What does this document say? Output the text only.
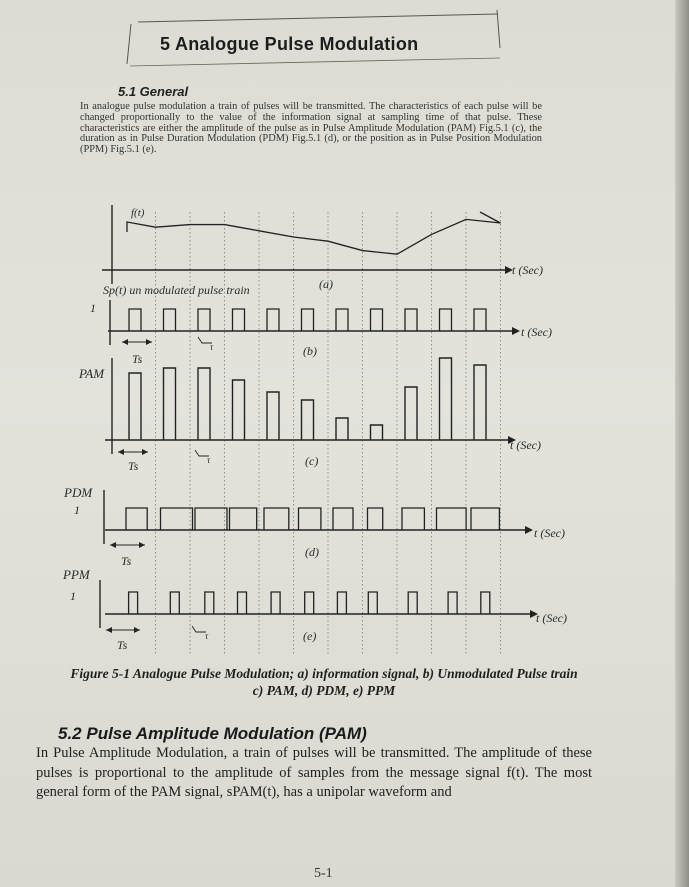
5 Analogue Pulse Modulation
5.1 General
In analogue pulse modulation a train of pulses will be transmitted. The characteristics of each pulse will be changed proportionally to the value of the information signal at sampling time of that pulse. These characteristics are either the amplitude of the pulse as in Pulse Amplitude Modulation (PAM) Fig.5.1 (c), the duration as in Pulse Duration Modulation (PDM) Fig.5.1 (d), or the position as in Pulse Position Modulation (PPM) Fig.5.1 (e).
f(t)
Sp(t) un modulated pulse train
1
PAM
PDM
1
PPM
1
t (Sec)
t (Sec)
t (Sec)
t (Sec)
t (Sec)
(a)
(b)
(c)
(d)
(e)
Ts
Ts
Ts
Ts
τ
τ
τ
Figure 5-1 Analogue Pulse Modulation; a) information signal, b) Unmodulated Pulse train c) PAM, d) PDM, e) PPM
5.2 Pulse Amplitude Modulation (PAM)
In Pulse Amplitude Modulation, a train of pulses will be transmitted. The amplitude of these pulses is proportional to the amplitude of samples from the message signal f(t). The most general form of the PAM signal, sPAM(t), has a unipolar waveform and
5-1
